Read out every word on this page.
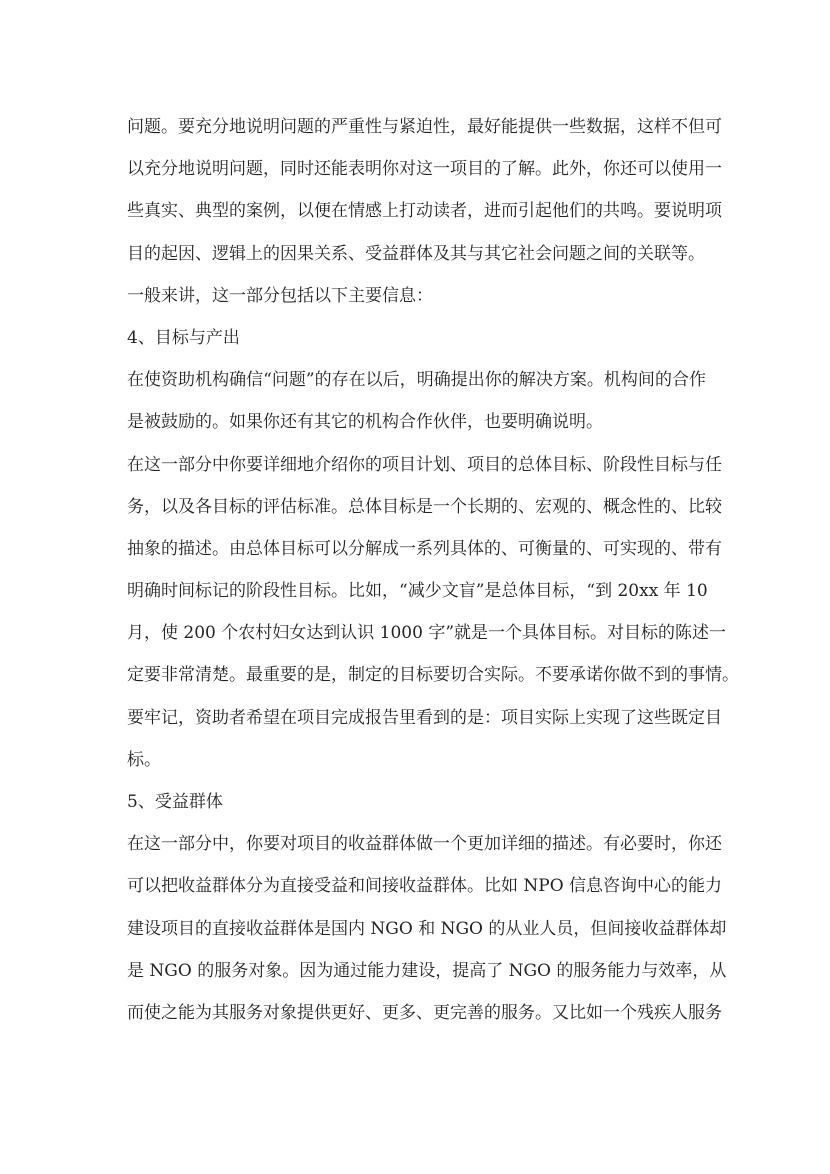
问题。要充分地说明问题的严重性与紧迫性，最好能提供一些数据，这样不但可
以充分地说明问题，同时还能表明你对这一项目的了解。此外，你还可以使用一
些真实、典型的案例，以便在情感上打动读者，进而引起他们的共鸣。要说明项
目的起因、逻辑上的因果关系、受益群体及其与其它社会问题之间的关联等。
一般来讲，这一部分包括以下主要信息：
4、目标与产出
在使资助机构确信“问题”的存在以后，明确提出你的解决方案。机构间的合作
是被鼓励的。如果你还有其它的机构合作伙伴，也要明确说明。
在这一部分中你要详细地介绍你的项目计划、项目的总体目标、阶段性目标与任
务，以及各目标的评估标准。总体目标是一个长期的、宏观的、概念性的、比较
抽象的描述。由总体目标可以分解成一系列具体的、可衡量的、可实现的、带有
明确时间标记的阶段性目标。比如，“减少文盲”是总体目标，“到 20xx 年 10
月，使 200 个农村妇女达到认识 1000 字”就是一个具体目标。对目标的陈述一
定要非常清楚。最重要的是，制定的目标要切合实际。不要承诺你做不到的事情。
要牢记，资助者希望在项目完成报告里看到的是：项目实际上实现了这些既定目
标。
5、受益群体
在这一部分中，你要对项目的收益群体做一个更加详细的描述。有必要时，你还
可以把收益群体分为直接受益和间接收益群体。比如 NPO 信息咨询中心的能力
建设项目的直接收益群体是国内 NGO 和 NGO 的从业人员，但间接收益群体却
是 NGO 的服务对象。因为通过能力建设，提高了 NGO 的服务能力与效率，从
而使之能为其服务对象提供更好、更多、更完善的服务。又比如一个残疾人服务
